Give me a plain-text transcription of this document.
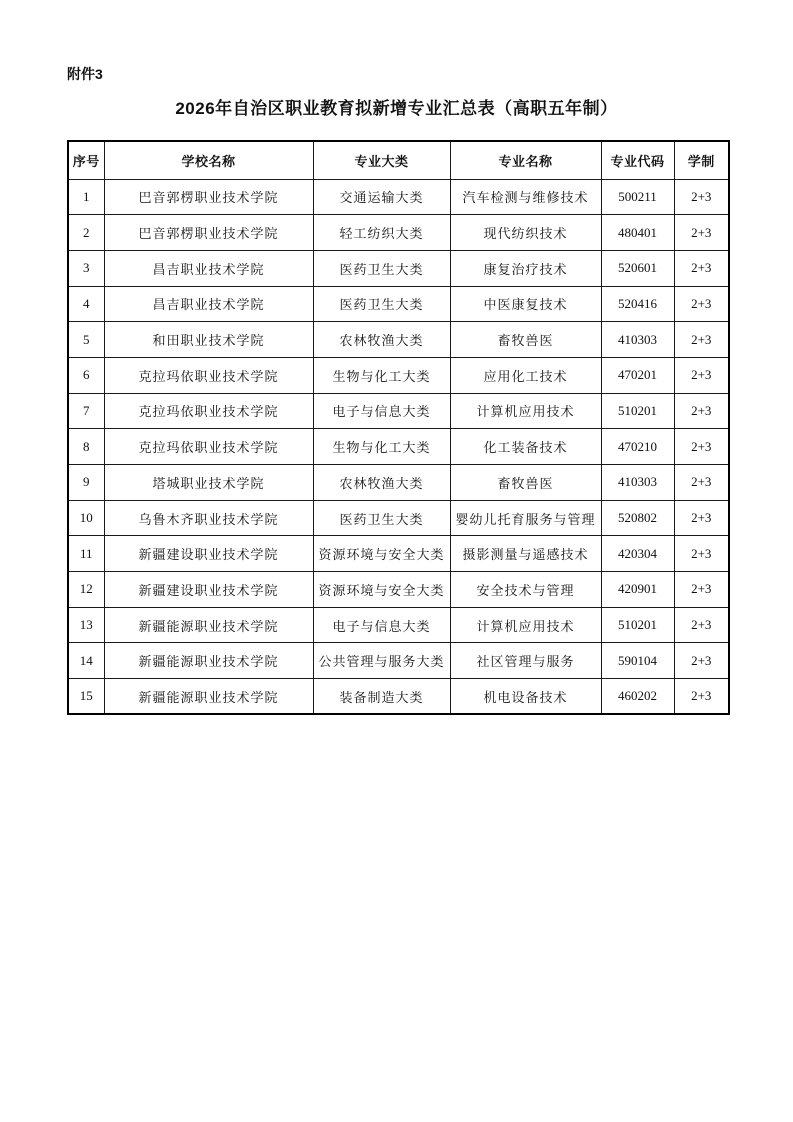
附件3
2026年自治区职业教育拟新增专业汇总表（高职五年制）
序号	学校名称	专业大类	专业名称	专业代码	学制
1	巴音郭楞职业技术学院	交通运输大类	汽车检测与维修技术	500211	2+3
2	巴音郭楞职业技术学院	轻工纺织大类	现代纺织技术	480401	2+3
3	昌吉职业技术学院	医药卫生大类	康复治疗技术	520601	2+3
4	昌吉职业技术学院	医药卫生大类	中医康复技术	520416	2+3
5	和田职业技术学院	农林牧渔大类	畜牧兽医	410303	2+3
6	克拉玛依职业技术学院	生物与化工大类	应用化工技术	470201	2+3
7	克拉玛依职业技术学院	电子与信息大类	计算机应用技术	510201	2+3
8	克拉玛依职业技术学院	生物与化工大类	化工装备技术	470210	2+3
9	塔城职业技术学院	农林牧渔大类	畜牧兽医	410303	2+3
10	乌鲁木齐职业技术学院	医药卫生大类	婴幼儿托育服务与管理	520802	2+3
11	新疆建设职业技术学院	资源环境与安全大类	摄影测量与遥感技术	420304	2+3
12	新疆建设职业技术学院	资源环境与安全大类	安全技术与管理	420901	2+3
13	新疆能源职业技术学院	电子与信息大类	计算机应用技术	510201	2+3
14	新疆能源职业技术学院	公共管理与服务大类	社区管理与服务	590104	2+3
15	新疆能源职业技术学院	装备制造大类	机电设备技术	460202	2+3
